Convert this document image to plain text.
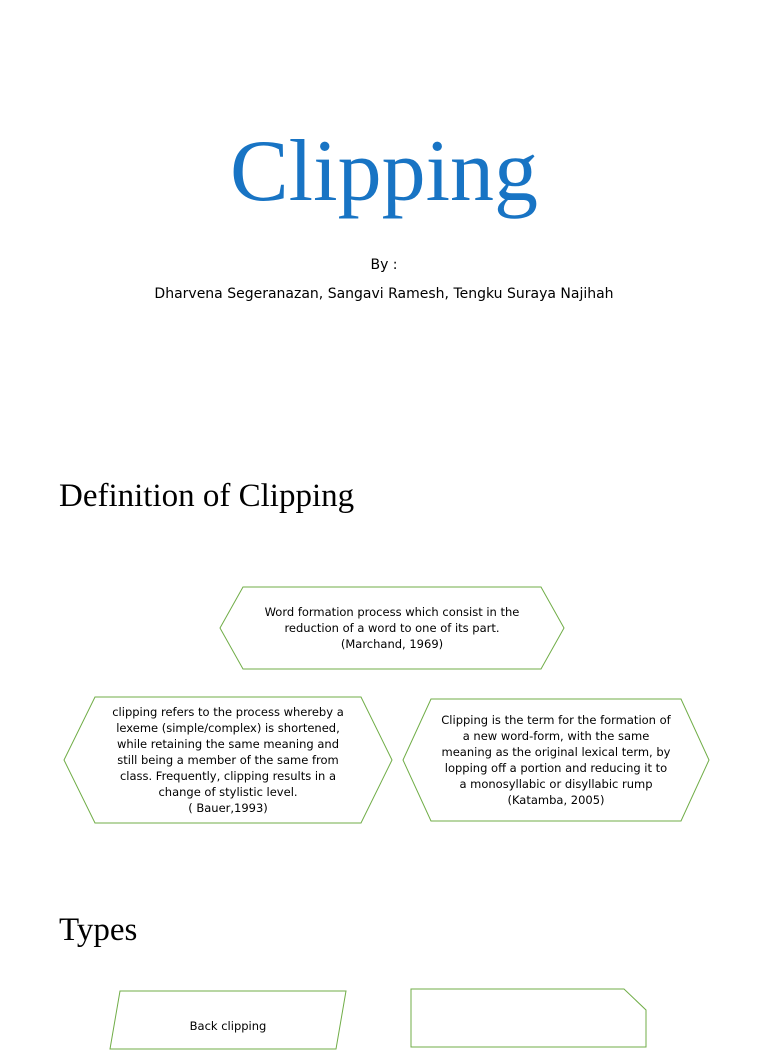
Clipping
By :
Dharvena Segeranazan, Sangavi Ramesh, Tengku Suraya Najihah
Definition of Clipping
Word formation process which consist in the reduction of a word to one of its part.
(Marchand, 1969)
clipping refers to the process whereby a lexeme (simple/complex) is shortened, while retaining the same meaning and still being a member of the same from class. Frequently, clipping results in a change of stylistic level.
( Bauer,1993)
Clipping is the term for the formation of a new word-form, with the same meaning as the original lexical term, by lopping off a portion and reducing it to a monosyllabic or disyllabic rump
(Katamba, 2005)
Types
Back clipping
